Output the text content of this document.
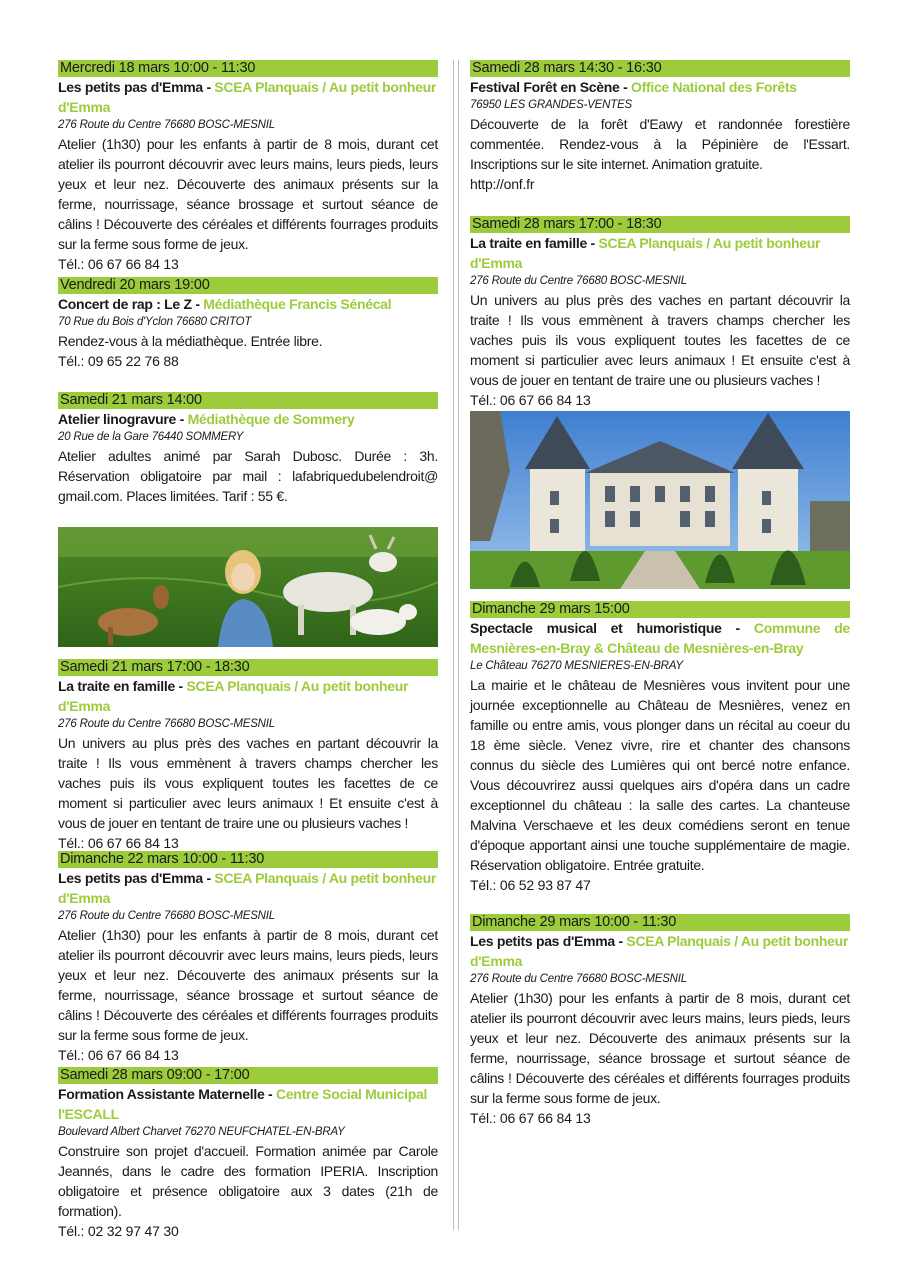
Mercredi 18 mars 10:00 - 11:30
Les petits pas d'Emma - SCEA Planquais / Au petit bonheur d'Emma
276 Route du Centre 76680 BOSC-MESNIL
Atelier (1h30) pour les enfants à partir de 8 mois, durant cet atelier ils pourront découvrir avec leurs mains, leurs pieds, leurs yeux et leur nez. Découverte des animaux présents sur la ferme, nourrissage, séance brossage et surtout séance de câlins ! Découverte des céréales et différents fourrages produits sur la ferme sous forme de jeux.
Tél.: 06 67 66 84 13
Vendredi 20 mars 19:00
Concert de rap : Le Z - Médiathèque Francis Sénécal
70 Rue du Bois d'Yclon 76680 CRITOT
Rendez-vous à la médiathèque. Entrée libre.
Tél.: 09 65 22 76 88
Samedi 21 mars 14:00
Atelier linogravure - Médiathèque de Sommery
20 Rue de la Gare 76440 SOMMERY
Atelier adultes animé par Sarah Dubosc. Durée : 3h. Réservation obligatoire par mail : lafabriquedubelendroit@ gmail.com. Places limitées. Tarif : 55 €.
Samedi 21 mars 17:00 - 18:30
La traite en famille - SCEA Planquais / Au petit bonheur d'Emma
276 Route du Centre 76680 BOSC-MESNIL
Un univers au plus près des vaches en partant découvrir la traite ! Ils vous emmènent à travers champs chercher les vaches puis ils vous expliquent toutes les facettes de ce moment si particulier avec leurs animaux ! Et ensuite c'est à vous de jouer en tentant de traire une ou plusieurs vaches !
Tél.: 06 67 66 84 13
Dimanche 22 mars 10:00 - 11:30
Les petits pas d'Emma - SCEA Planquais / Au petit bonheur d'Emma
276 Route du Centre 76680 BOSC-MESNIL
Atelier (1h30) pour les enfants à partir de 8 mois, durant cet atelier ils pourront découvrir avec leurs mains, leurs pieds, leurs yeux et leur nez. Découverte des animaux présents sur la ferme, nourrissage, séance brossage et surtout séance de câlins ! Découverte des céréales et différents fourrages produits sur la ferme sous forme de jeux.
Tél.: 06 67 66 84 13
Samedi 28 mars 09:00 - 17:00
Formation Assistante Maternelle - Centre Social Municipal l'ESCALL
Boulevard Albert Charvet 76270 NEUFCHATEL-EN-BRAY
Construire son projet d'accueil. Formation animée par Carole Jeannés, dans le cadre des formation IPERIA. Inscription obligatoire et présence obligatoire aux 3 dates (21h de formation).
Tél.: 02 32 97 47 30
Samedi 28 mars 14:30 - 16:30
Festival Forêt en Scène - Office National des Forêts
76950 LES GRANDES-VENTES
Découverte de la forêt d'Eawy et randonnée forestière commentée. Rendez-vous à la Pépinière de l'Essart. Inscriptions sur le site internet. Animation gratuite.
http://onf.fr
Samedi 28 mars 17:00 - 18:30
La traite en famille - SCEA Planquais / Au petit bonheur d'Emma
276 Route du Centre 76680 BOSC-MESNIL
Un univers au plus près des vaches en partant découvrir la traite ! Ils vous emmènent à travers champs chercher les vaches puis ils vous expliquent toutes les facettes de ce moment si particulier avec leurs animaux ! Et ensuite c'est à vous de jouer en tentant de traire une ou plusieurs vaches !
Tél.: 06 67 66 84 13
Dimanche 29 mars 15:00
Spectacle musical et humoristique - Commune de Mesnières-en-Bray & Château de Mesnières-en-Bray
Le Château 76270 MESNIERES-EN-BRAY
La mairie et le château de Mesnières vous invitent pour une journée exceptionnelle au Château de Mesnières, venez en famille ou entre amis, vous plonger dans un récital au coeur du 18 ème siècle. Venez vivre, rire et chanter des chansons connus du siècle des Lumières qui ont bercé notre enfance. Vous découvrirez aussi quelques airs d'opéra dans un cadre exceptionnel du château : la salle des cartes. La chanteuse Malvina Verschaeve et les deux comédiens seront en tenue d'époque apportant ainsi une touche supplémentaire de magie. Réservation obligatoire. Entrée gratuite.
Tél.: 06 52 93 87 47
Dimanche 29 mars 10:00 - 11:30
Les petits pas d'Emma - SCEA Planquais / Au petit bonheur d'Emma
276 Route du Centre 76680 BOSC-MESNIL
Atelier (1h30) pour les enfants à partir de 8 mois, durant cet atelier ils pourront découvrir avec leurs mains, leurs pieds, leurs yeux et leur nez. Découverte des animaux présents sur la ferme, nourrissage, séance brossage et surtout séance de câlins ! Découverte des céréales et différents fourrages produits sur la ferme sous forme de jeux.
Tél.: 06 67 66 84 13
